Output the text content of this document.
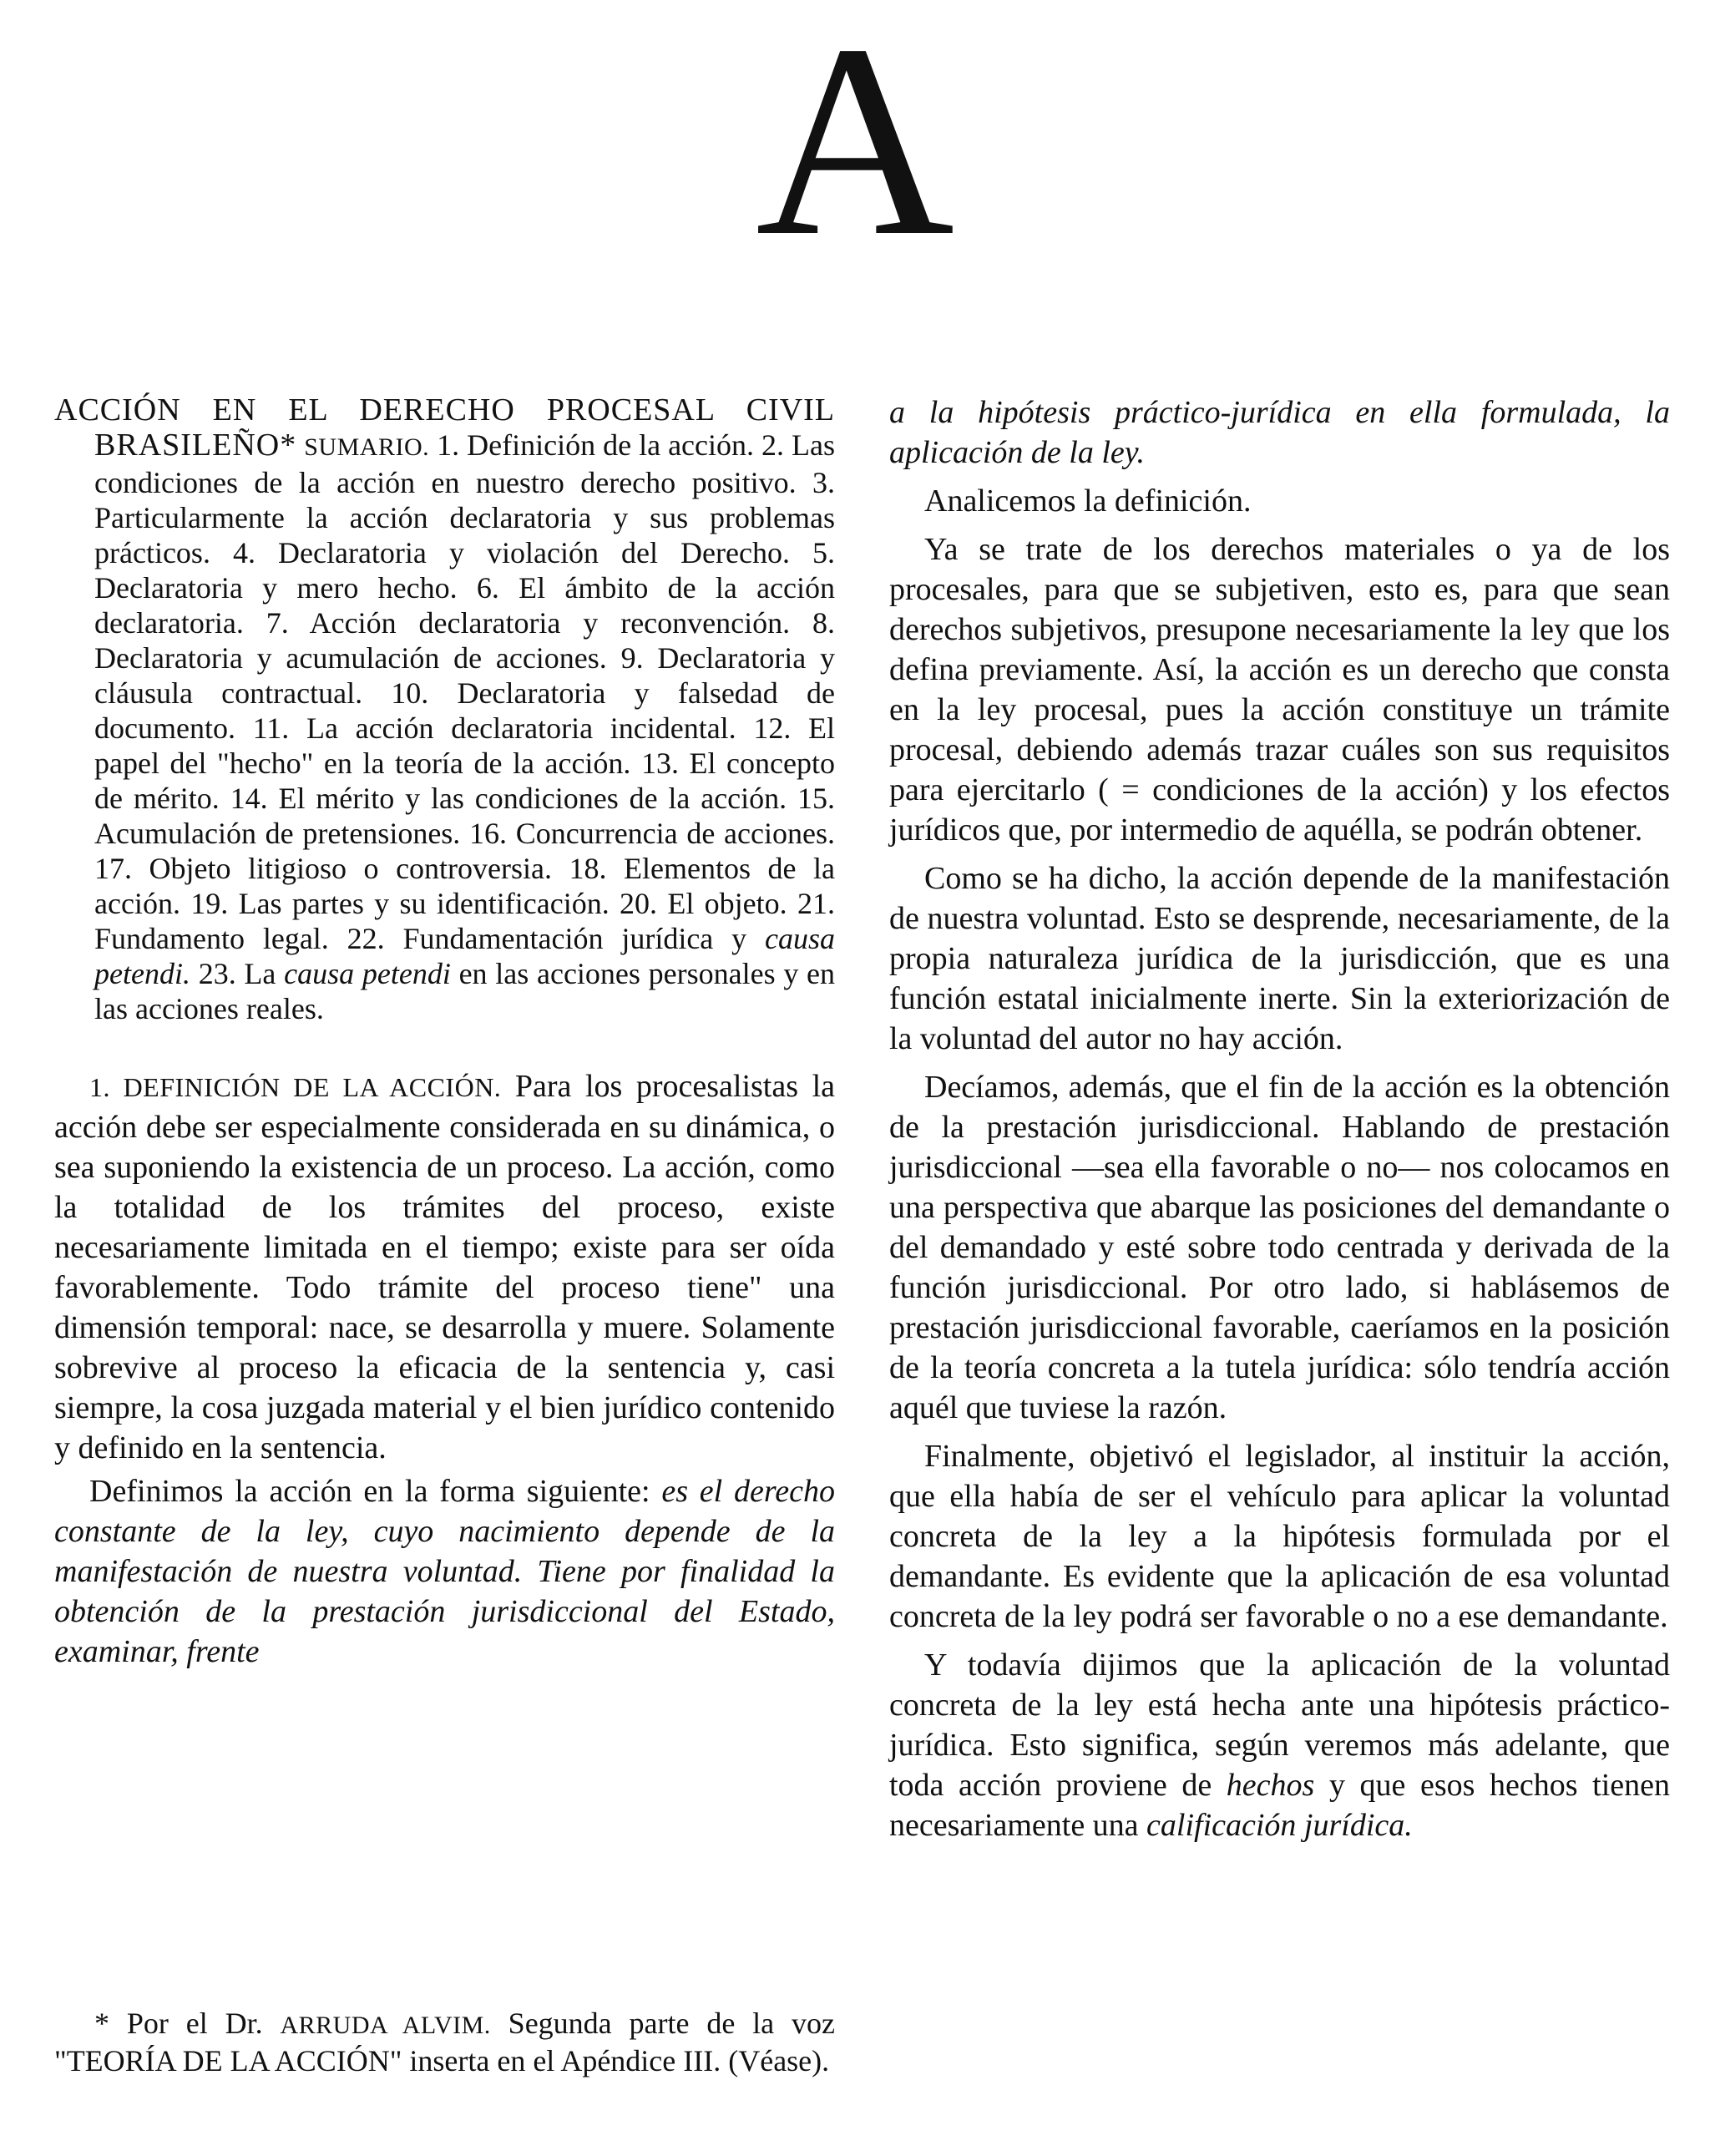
A
ACCIÓN EN EL DERECHO PROCESAL CIVIL BRASILEÑO* SUMARIO. 1. Definición de la acción. 2. Las condiciones de la acción en nuestro derecho positivo. 3. Particularmente la acción declaratoria y sus problemas prácticos. 4. Declaratoria y violación del Derecho. 5. Declaratoria y mero hecho. 6. El ámbito de la acción declaratoria. 7. Acción declaratoria y reconvención. 8. Declaratoria y acumulación de acciones. 9. Declaratoria y cláusula contractual. 10. Declaratoria y falsedad de documento. 11. La acción declaratoria incidental. 12. El papel del "hecho" en la teoría de la acción. 13. El concepto de mérito. 14. El mérito y las condiciones de la acción. 15. Acumulación de pretensiones. 16. Concurrencia de acciones. 17. Objeto litigioso o controversia. 18. Elementos de la acción. 19. Las partes y su identificación. 20. El objeto. 21. Fundamento legal. 22. Fundamentación jurídica y causa petendi. 23. La causa petendi en las acciones personales y en las acciones reales.

1. DEFINICIÓN DE LA ACCIÓN. Para los procesalistas la acción debe ser especialmente considerada en su dinámica, o sea suponiendo la existencia de un proceso. La acción, como la totalidad de los trámites del proceso, existe necesariamente limitada en el tiempo; existe para ser oída favorablemente. Todo trámite del proceso tiene" una dimensión temporal: nace, se desarrolla y muere. Solamente sobrevive al proceso la eficacia de la sentencia y, casi siempre, la cosa juzgada material y el bien jurídico contenido y definido en la sentencia.

Definimos la acción en la forma siguiente: es el derecho constante de la ley, cuyo nacimiento depende de la manifestación de nuestra voluntad. Tiene por finalidad la obtención de la prestación jurisdiccional del Estado, examinar, frente

a la hipótesis práctico-jurídica en ella formulada, la aplicación de la ley.

Analicemos la definición.

Ya se trate de los derechos materiales o ya de los procesales, para que se subjetiven, esto es, para que sean derechos subjetivos, presupone necesariamente la ley que los defina previamente. Así, la acción es un derecho que consta en la ley procesal, pues la acción constituye un trámite procesal, debiendo además trazar cuáles son sus requisitos para ejercitarlo ( = condiciones de la acción) y los efectos jurídicos que, por intermedio de aquélla, se podrán obtener.

Como se ha dicho, la acción depende de la manifestación de nuestra voluntad. Esto se desprende, necesariamente, de la propia naturaleza jurídica de la jurisdicción, que es una función estatal inicialmente inerte. Sin la exteriorización de la voluntad del autor no hay acción.

Decíamos, además, que el fin de la acción es la obtención de la prestación jurisdiccional. Hablando de prestación jurisdiccional —sea ella favorable o no— nos colocamos en una perspectiva que abarque las posiciones del demandante o del demandado y esté sobre todo centrada y derivada de la función jurisdiccional. Por otro lado, si hablásemos de prestación jurisdiccional favorable, caeríamos en la posición de la teoría concreta a la tutela jurídica: sólo tendría acción aquél que tuviese la razón.

Finalmente, objetivó el legislador, al instituir la acción, que ella había de ser el vehículo para aplicar la voluntad concreta de la ley a la hipótesis formulada por el demandante. Es evidente que la aplicación de esa voluntad concreta de la ley podrá ser favorable o no a ese demandante.

Y todavía dijimos que la aplicación de la voluntad concreta de la ley está hecha ante una hipótesis práctico-jurídica. Esto significa, según veremos más adelante, que toda acción proviene de hechos y que esos hechos tienen necesariamente una calificación jurídica.

* Por el Dr. ARRUDA ALVIM. Segunda parte de la voz "TEORÍA DE LA ACCIÓN" inserta en el Apéndice III. (Véase).
